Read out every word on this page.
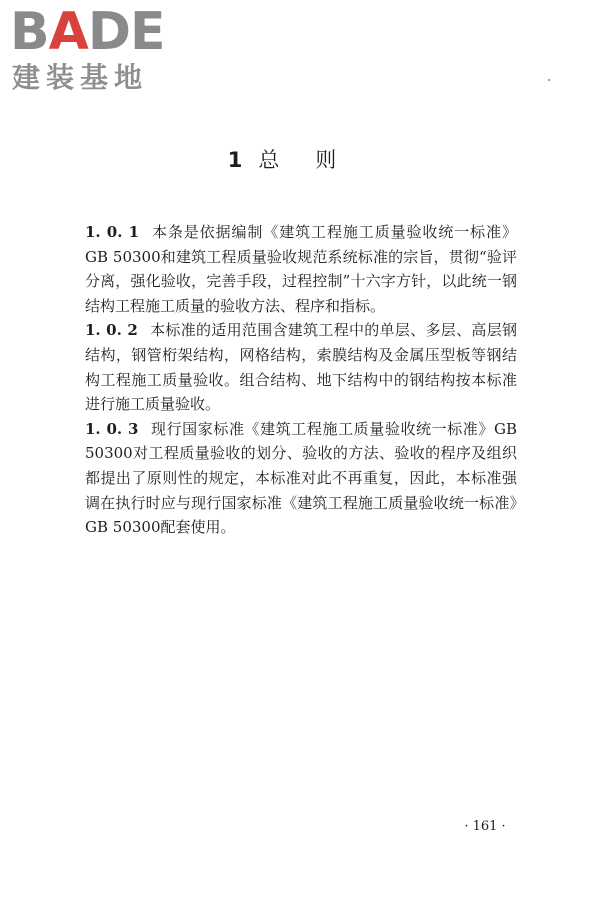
BADE
建装基地
1 总则

1. 0. 1 本条是依据编制《建筑工程施工质量验收统一标准》GB 50300和建筑工程质量验收规范系统标准的宗旨，贯彻“验评分离，强化验收，完善手段，过程控制”十六字方针，以此统一钢结构工程施工质量的验收方法、程序和指标。

1. 0. 2 本标准的适用范围含建筑工程中的单层、多层、高层钢结构，钢管桁架结构，网格结构，索膜结构及金属压型板等钢结构工程施工质量验收。组合结构、地下结构中的钢结构按本标准进行施工质量验收。

1. 0. 3 现行国家标准《建筑工程施工质量验收统一标准》GB 50300对工程质量验收的划分、验收的方法、验收的程序及组织都提出了原则性的规定，本标准对此不再重复，因此，本标准强调在执行时应与现行国家标准《建筑工程施工质量验收统一标准》GB 50300配套使用。

· 161 ·
